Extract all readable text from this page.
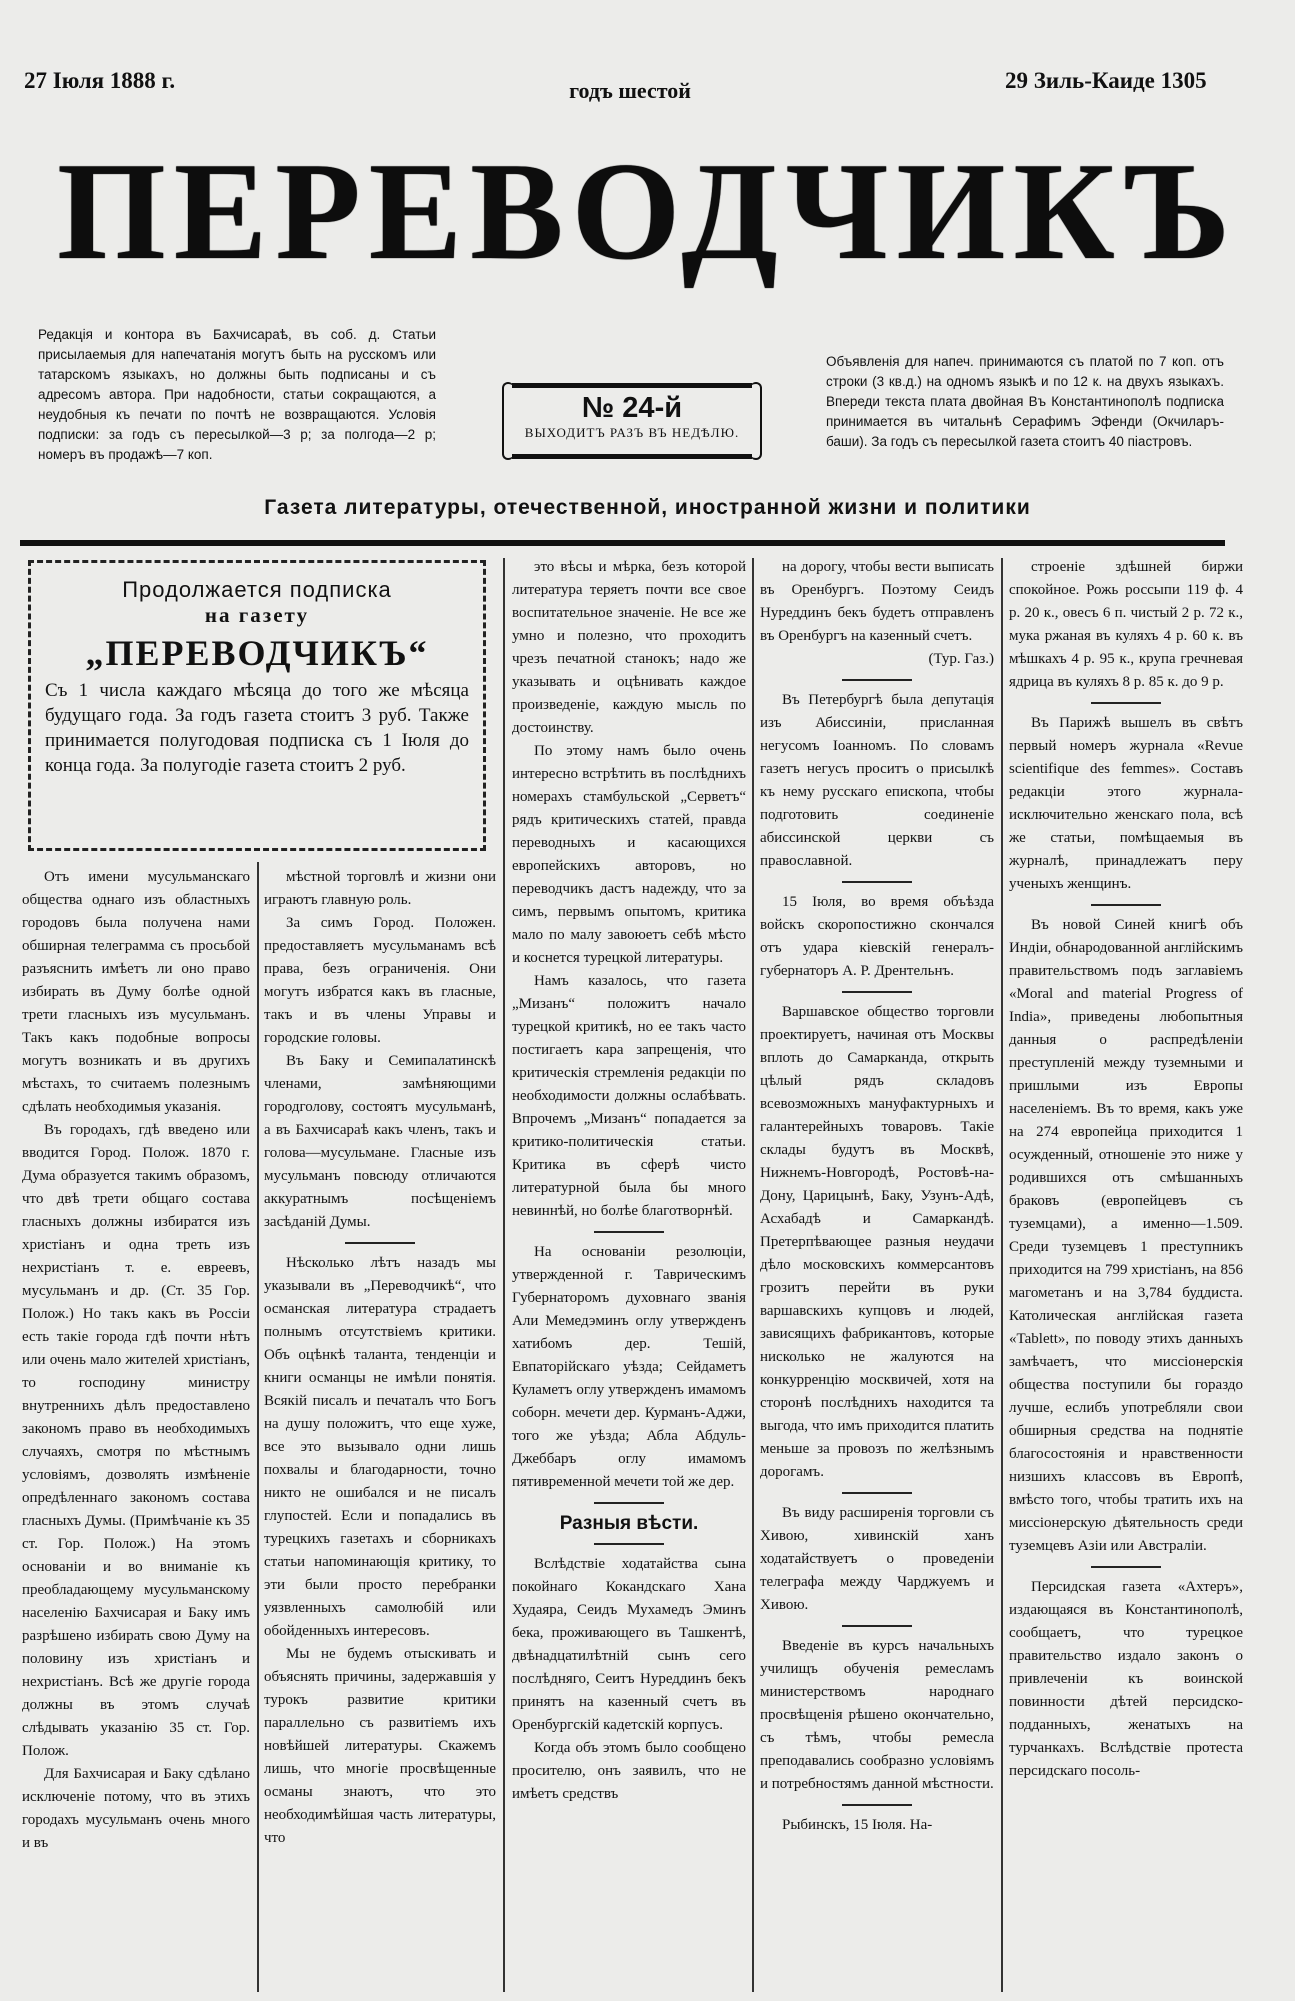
27 Іюля 1888 г.	годъ шестой	29 Зиль-Каиде 1305
ПЕРЕВОДЧИКЪ
Редакція и контора въ Бахчисараѣ, въ соб. д. Статьи присылаемыя для напечатанія могутъ быть на русскомъ или татарскомъ языкахъ, но должны быть подписаны и съ адресомъ автора. При надобности, статьи сокращаются, а неудобныя къ печати по почтѣ не возвращаются. Условія подписки: за годъ съ пересылкой—3 р; за полгода—2 р; номеръ въ продажѣ—7 коп.
№ 24-й
ВЫХОДИТЪ РАЗЪ ВЪ НЕДѢЛЮ.
Объявленія для напеч. принимаются съ платой по 7 коп. отъ строки (3 кв.д.) на одномъ языкѣ и по 12 к. на двухъ языкахъ. Впереди текста плата двойная Въ Константинополѣ подписка принимается въ читальнѣ Серафимъ Эфенди (Окчиларъ-баши). За годъ съ пересылкой газета стоитъ 40 піастровъ.
Газета литературы, отечественной, иностранной жизни и политики
Продолжается подписка
на газету
„ПЕРЕВОДЧИКЪ“
Съ 1 числа каждаго мѣсяца до того же мѣсяца будущаго года. За годъ газета стоитъ 3 руб. Также принимается полугодовая подписка съ 1 Іюля до конца года. За полугодіе газета стоитъ 2 руб.

Отъ имени мусульманскаго общества однаго изъ областныхъ городовъ была получена нами обширная телеграмма съ просьбой разъяснить имѣетъ ли оно право избирать въ Думу болѣе одной трети гласныхъ изъ мусульманъ. Такъ какъ подобные вопросы могутъ возникать и въ другихъ мѣстахъ, то считаемъ полезнымъ сдѣлать необходимыя указанія.

Въ городахъ, гдѣ введено или вводится Город. Полож. 1870 г. Дума образуется такимъ образомъ, что двѣ трети общаго состава гласныхъ должны избиратся изъ христіанъ и одна треть изъ нехристіанъ т. е. евреевъ, мусульманъ и др. (Ст. 35 Гор. Полож.) Но такъ какъ въ Россіи есть такіе города гдѣ почти нѣтъ или очень мало жителей христіанъ, то господину министру внутреннихъ дѣлъ предоставлено закономъ право въ необходимыхъ случаяхъ, смотря по мѣстнымъ условіямъ, дозволять измѣненіе опредѣленнаго закономъ состава гласныхъ Думы. (Примѣчаніе къ 35 ст. Гор. Полож.) На этомъ основаніи и во вниманіе къ преобладающему мусульманскому населенію Бахчисарая и Баку имъ разрѣшено избирать свою Думу на половину изъ христіанъ и нехристіанъ. Всѣ же другіе города должны въ этомъ случаѣ слѣдывать указанію 35 ст. Гор. Полож.

Для Бахчисарая и Баку сдѣлано исключеніе потому, что въ этихъ городахъ мусульманъ очень много и въ

мѣстной торговлѣ и жизни они играютъ главную роль.

За симъ Город. Положен. предоставляетъ мусульманамъ всѣ права, безъ ограниченія. Они могутъ избратся какъ въ гласные, такъ и въ члены Управы и городские головы.

Въ Баку и Семипалатинскѣ членами, замѣняющими городголову, состоятъ мусульманѣ, а въ Бахчисараѣ какъ членъ, такъ и голова—мусульмане. Гласные изъ мусульманъ повсюду отличаются аккуратнымъ посѣщеніемъ засѣданій Думы.

Нѣсколько лѣтъ назадъ мы указывали въ „Переводчикѣ“, что османская литература страдаетъ полнымъ отсутствіемъ критики. Объ оцѣнкѣ таланта, тенденціи и книги османцы не имѣли понятія. Всякій писалъ и печаталъ что Богъ на душу положитъ, что еще хуже, все это вызывало одни лишь похвалы и благодарности, точно никто не ошибался и не писалъ глупостей. Если и попадались въ турецкихъ газетахъ и сборникахъ статьи напоминающія критику, то эти были просто перебранки уязвленныхъ самолюбій или обойденныхъ интересовъ.

Мы не будемъ отыскивать и объяснять причины, задержавшія у турокъ развитие критики параллельно съ развитіемъ ихъ новѣйшей литературы. Скажемъ лишь, что многіе просвѣщенные османы знаютъ, что это необходимѣйшая часть литературы, что

это вѣсы и мѣрка, безъ которой литература теряетъ почти все свое воспитательное значеніе. Не все же умно и полезно, что проходитъ чрезъ печатной станокъ; надо же указывать и оцѣнивать каждое произведеніе, каждую мысль по достоинству.

По этому намъ было очень интересно встрѣтить въ послѣднихъ номерахъ стамбульской „Серветъ“ рядъ критическихъ статей, правда переводныхъ и касающихся европейскихъ авторовъ, но переводчикъ дастъ надежду, что за симъ, первымъ опытомъ, критика мало по малу завоюетъ себѣ мѣсто и коснется турецкой литературы.

Намъ казалось, что газета „Мизанъ“ положитъ начало турецкой критикѣ, но ее такъ часто постигаетъ кара запрещенія, что критическія стремленія редакціи по необходимости должны ослабѣвать. Впрочемъ „Мизанъ“ попадается за критико-политическія статьи. Критика въ сферѣ чисто литературной была бы много невиннѣй, но болѣе благотворнѣй.

На основаніи резолюціи, утвержденной г. Таврическимъ Губернаторомъ духовнаго званія Али Мемедэминъ оглу утвержденъ хатибомъ дер. Тешій, Евпаторійскаго уѣзда; Сейдаметъ Куламетъ оглу утвержденъ имамомъ соборн. мечети дер. Курманъ-Аджи, того же уѣзда; Абла Абдуль-Джеббаръ оглу имамомъ пятивременной мечети той же дер.

Разныя вѣсти.

Вслѣдствіе ходатайства сына покойнаго Кокандскаго Хана Худаяра, Сеидъ Мухамедъ Эминъ бека, проживающего въ Ташкентѣ, двѣнадцатилѣтній сынъ сего послѣдняго, Сеитъ Нуреддинъ бекъ принятъ на казенный счетъ въ Оренбургскій кадетскій корпусъ.

Когда объ этомъ было сообщено просителю, онъ заявилъ, что не имѣетъ средствъ

на дорогу, чтобы вести выписать въ Оренбургъ. Поэтому Сеидъ Нуреддинъ бекъ будетъ отправленъ въ Оренбургъ на казенный счетъ.

(Тур. Газ.)

Въ Петербургѣ была депутація изъ Абиссиніи, присланная негусомъ Іоанномъ. По словамъ газетъ негусъ проситъ о присылкѣ къ нему русскаго епископа, чтобы подготовить соединеніе абиссинской церкви съ православной.

15 Іюля, во время объѣзда войскъ скоропостижно скончался отъ удара кіевскій генералъ-губернаторъ А. Р. Дрентельнъ.

Варшавское общество торговли проектируетъ, начиная отъ Москвы вплоть до Самарканда, открыть цѣлый рядъ складовъ всевозможныхъ мануфактурныхъ и галантерейныхъ товаровъ. Такіе склады будутъ въ Москвѣ, Нижнемъ-Новгородѣ, Ростовѣ-на-Дону, Царицынѣ, Баку, Узунъ-Адѣ, Асхабадѣ и Самаркандѣ. Претерпѣвающее разныя неудачи дѣло московскихъ коммерсантовъ грозитъ перейти въ руки варшавскихъ купцовъ и людей, зависящихъ фабрикантовъ, которые нисколько не жалуются на конкурренцію москвичей, хотя на сторонѣ послѣднихъ находится та выгода, что имъ приходится платить меньше за провозъ по желѣзнымъ дорогамъ.

Въ виду расширенія торговли съ Хивою, хивинскій ханъ ходатайствуетъ о проведеніи телеграфа между Чарджуемъ и Хивою.

Введеніе въ курсъ начальныхъ училищъ обученія ремесламъ министерствомъ народнаго просвѣщенія рѣшено окончательно, съ тѣмъ, чтобы ремесла преподавались сообразно условіямъ и потребностямъ данной мѣстности.

Рыбинскъ, 15 Іюля. На-

строеніе здѣшней биржи спокойное. Рожь россыпи 119 ф. 4 р. 20 к., овесъ 6 п. чистый 2 р. 72 к., мука ржаная въ куляхъ 4 р. 60 к. въ мѣшкахъ 4 р. 95 к., крупа гречневая ядрица въ куляхъ 8 р. 85 к. до 9 р.

Въ Парижѣ вышелъ въ свѣтъ первый номеръ журнала «Revue scientifique des femmes». Составъ редакціи этого журнала-исключительно женскаго пола, всѣ же статьи, помѣщаемыя въ журналѣ, принадлежатъ перу ученыхъ женщинъ.

Въ новой Синей книгѣ объ Индіи, обнародованной англійскимъ правительствомъ подъ заглавіемъ «Moral and material Progress of India», приведены любопытныя данныя о распредѣленіи преступленій между туземными и пришлыми изъ Европы населеніемъ. Въ то время, какъ уже на 274 европейца приходится 1 осужденный, отношеніе это ниже у родившихся отъ смѣшанныхъ браковъ (европейцевъ съ туземцами), а именно—1.509. Среди туземцевъ 1 преступникъ приходится на 799 христіанъ, на 856 магометанъ и на 3,784 буддиста. Католическая англійская газета «Tablett», по поводу этихъ данныхъ замѣчаетъ, что миссіонерскія общества поступили бы гораздо лучше, еслибъ употребляли свои обширныя средства на поднятіе благосостоянія и нравственности низшихъ классовъ въ Европѣ, вмѣсто того, чтобы тратить ихъ на миссіонерскую дѣятельность среди туземцевъ Азіи или Австраліи.

Персидская газета «Ахтеръ», издающаяся въ Константинополѣ, сообщаетъ, что турецкое правительство издало законъ о привлеченіи къ воинской повинности дѣтей персидско-подданныхъ, женатыхъ на турчанкахъ. Вслѣдствіе протеста персидскаго посоль-
